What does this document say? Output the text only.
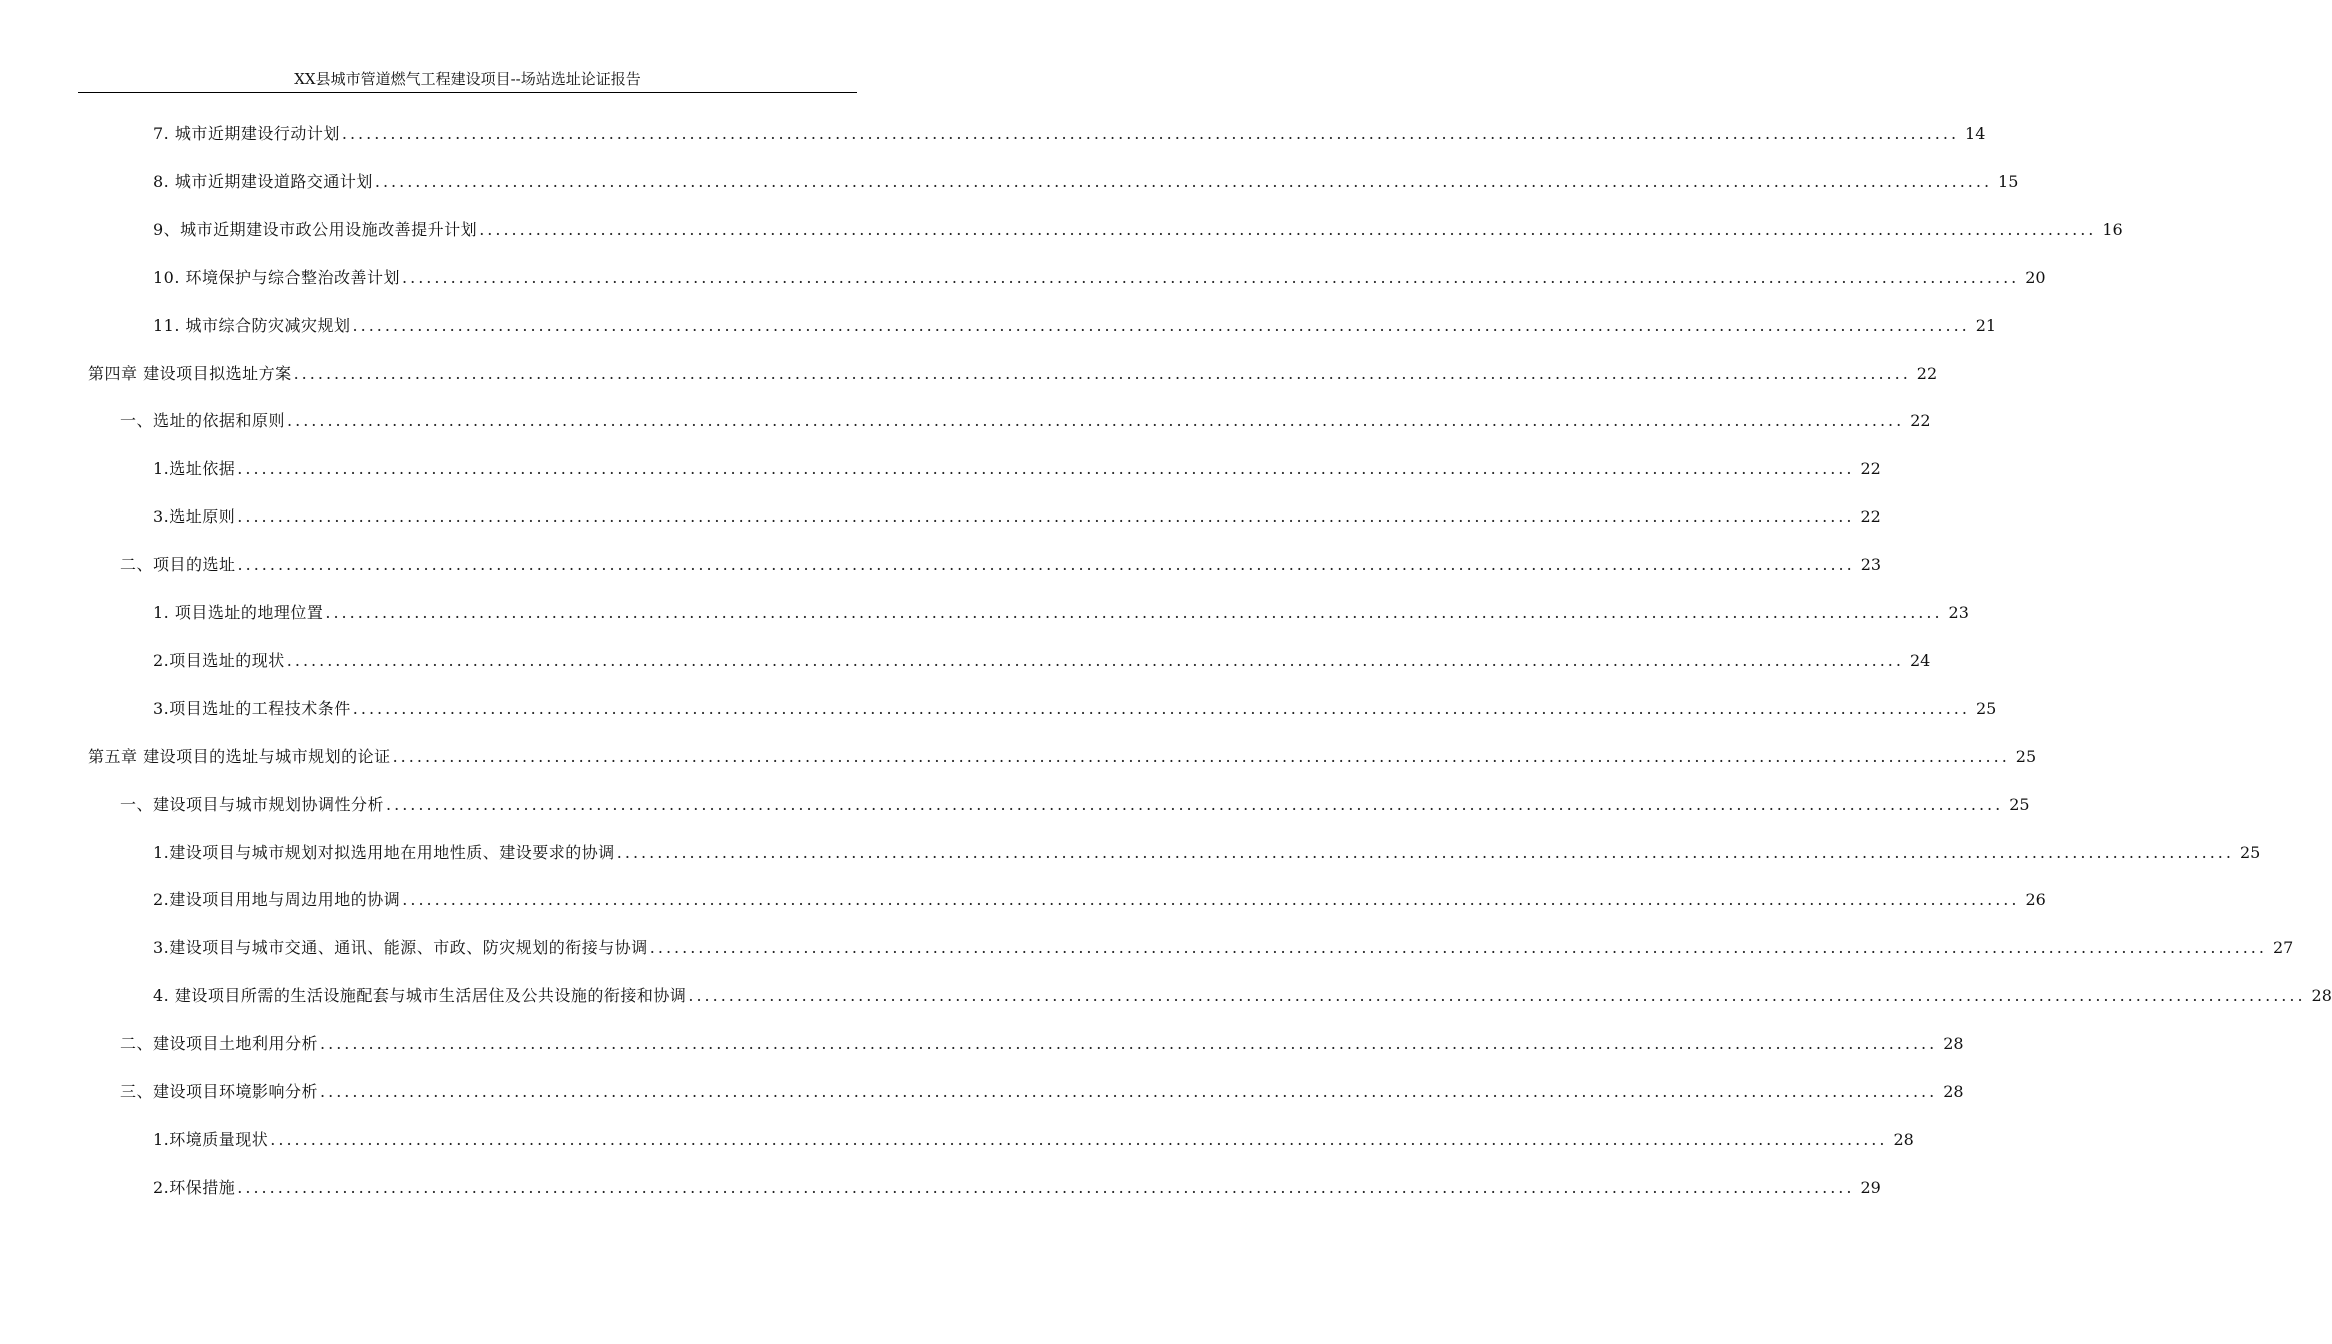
XX县城市管道燃气工程建设项目--场站选址论证报告
7. 城市近期建设行动计划 ........................................................................................................................................................................................................ 14
8. 城市近期建设道路交通计划 ........................................................................................................................................................................................................ 15
9、城市近期建设市政公用设施改善提升计划 ........................................................................................................................................................................................................ 16
10. 环境保护与综合整治改善计划 ........................................................................................................................................................................................................ 20
11. 城市综合防灾减灾规划 ........................................................................................................................................................................................................ 21
第四章 建设项目拟选址方案 ........................................................................................................................................................................................................ 22
一、选址的依据和原则 ........................................................................................................................................................................................................ 22
1.选址依据 ........................................................................................................................................................................................................ 22
3.选址原则 ........................................................................................................................................................................................................ 22
二、项目的选址 ........................................................................................................................................................................................................ 23
1. 项目选址的地理位置 ........................................................................................................................................................................................................ 23
2.项目选址的现状 ........................................................................................................................................................................................................ 24
3.项目选址的工程技术条件 ........................................................................................................................................................................................................ 25
第五章 建设项目的选址与城市规划的论证 ........................................................................................................................................................................................................ 25
一、建设项目与城市规划协调性分析 ........................................................................................................................................................................................................ 25
1.建设项目与城市规划对拟选用地在用地性质、建设要求的协调 ........................................................................................................................................................................................................ 25
2.建设项目用地与周边用地的协调 ........................................................................................................................................................................................................ 26
3.建设项目与城市交通、通讯、能源、市政、防灾规划的衔接与协调 ........................................................................................................................................................................................................ 27
4. 建设项目所需的生活设施配套与城市生活居住及公共设施的衔接和协调 ........................................................................................................................................................................................................ 28
二、建设项目土地利用分析 ........................................................................................................................................................................................................ 28
三、建设项目环境影响分析 ........................................................................................................................................................................................................ 28
1.环境质量现状 ........................................................................................................................................................................................................ 28
2.环保措施 ........................................................................................................................................................................................................ 29
